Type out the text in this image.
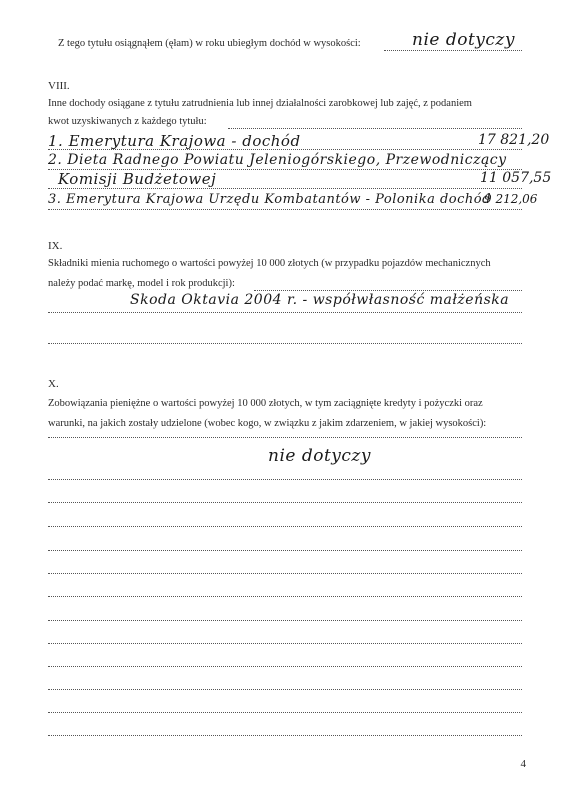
Z tego tytułu osiągnąłem (ęłam) w roku ubiegłym dochód w wysokości:	nie dotyczy
VIII.
Inne dochody osiągane z tytułu zatrudnienia lub innej działalności zarobkowej lub zajęć, z podaniem
kwot uzyskiwanych z każdego tytułu:
1. Emerytura Krajowa - dochód	17 821,20
2. Dieta Radnego Powiatu Jeleniogórskiego, Przewodniczący
Komisji Budżetowej	11 057,55
3. Emerytura Krajowa Urzędu Kombatantów - Polonika dochód
9 212,06
IX.
Składniki mienia ruchomego o wartości powyżej 10 000 złotych (w przypadku pojazdów mechanicznych
należy podać markę, model i rok produkcji):
Skoda Oktavia 2004 r. - współwłasność małżeńska
X.
Zobowiązania pieniężne o wartości powyżej 10 000 złotych, w tym zaciągnięte kredyty i pożyczki oraz
warunki, na jakich zostały udzielone (wobec kogo, w związku z jakim zdarzeniem, w jakiej wysokości):
nie dotyczy
4
